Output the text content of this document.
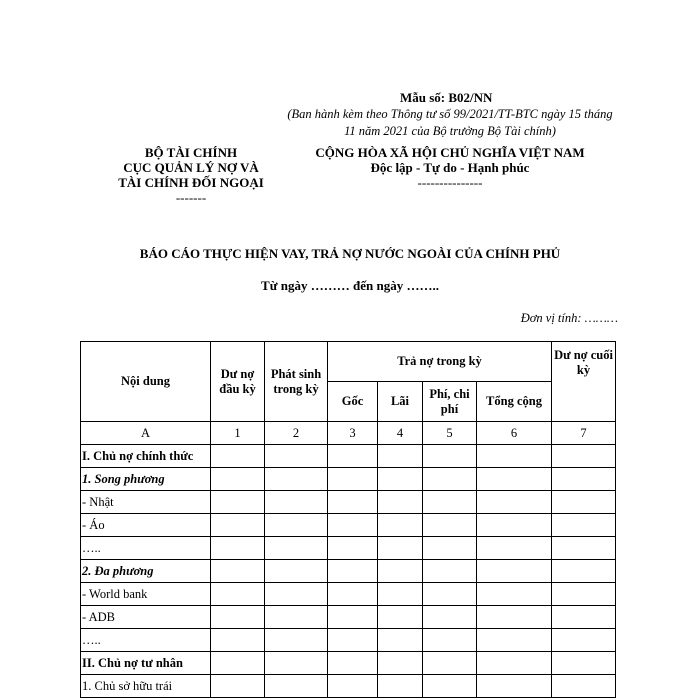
Mẫu số: B02/NN
(Ban hành kèm theo Thông tư số 99/2021/TT-BTC ngày 15 tháng 11 năm 2021 của Bộ trưởng Bộ Tài chính)
BỘ TÀI CHÍNH
CỤC QUẢN LÝ NỢ VÀ
TÀI CHÍNH ĐỐI NGOẠI
-------
CỘNG HÒA XÃ HỘI CHỦ NGHĨA VIỆT NAM
Độc lập - Tự do - Hạnh phúc
---------------
BÁO CÁO THỰC HIỆN VAY, TRẢ NỢ NƯỚC NGOÀI CỦA CHÍNH PHỦ
Từ ngày ……… đến ngày ……..
Đơn vị tính: ………
Nội dung	Dư nợ đầu kỳ	Phát sinh trong kỳ	Trả nợ trong kỳ				Dư nợ cuối kỳ
			Gốc	Lãi	Phí, chi phí	Tổng cộng	
A	1	2	3	4	5	6	7
I. Chủ nợ chính thức							
1. Song phương							
- Nhật							
- Áo							
…..							
2. Đa phương							
- World bank							
- ADB							
…..							
II. Chủ nợ tư nhân							
1. Chủ sở hữu trái							
